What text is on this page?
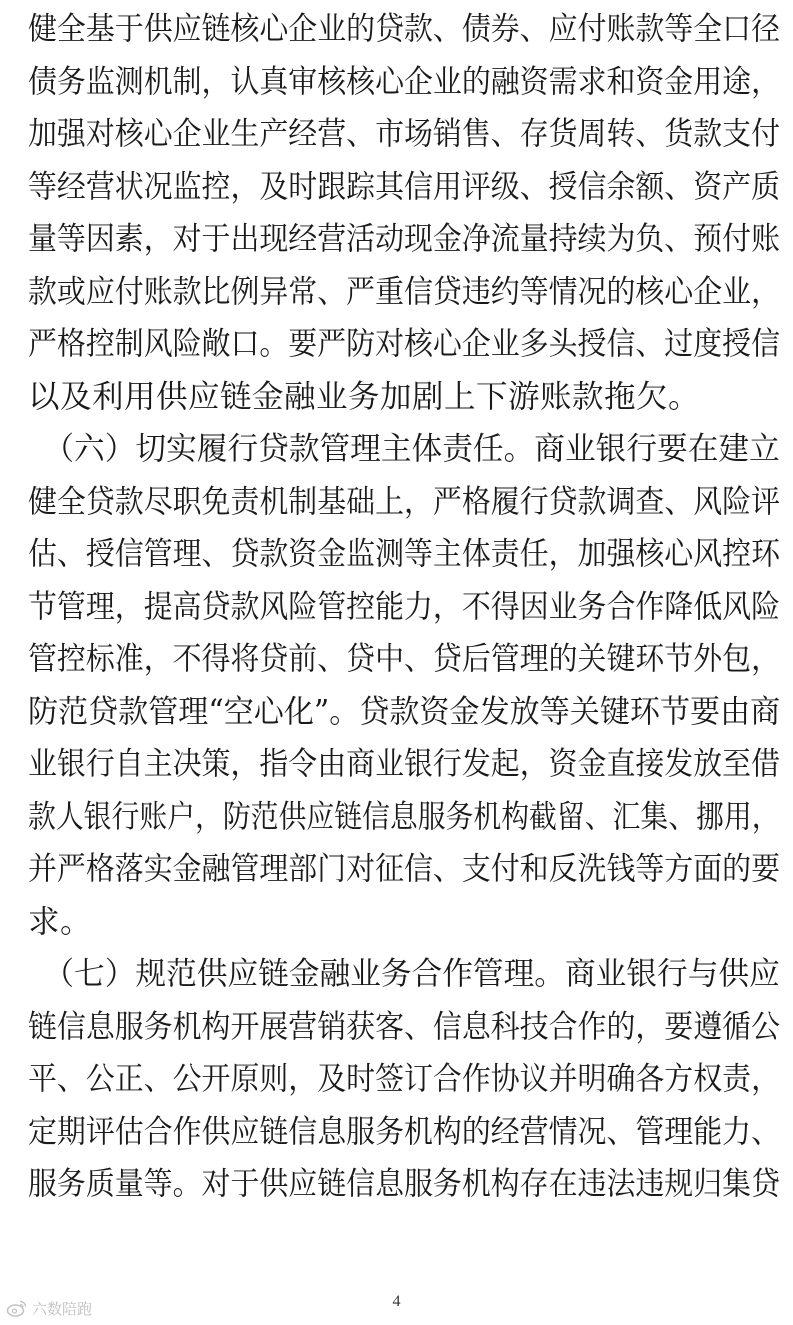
健全基于供应链核心企业的贷款、债券、应付账款等全口径
债务监测机制，认真审核核心企业的融资需求和资金用途，
加强对核心企业生产经营、市场销售、存货周转、货款支付
等经营状况监控，及时跟踪其信用评级、授信余额、资产质
量等因素，对于出现经营活动现金净流量持续为负、预付账
款或应付账款比例异常、严重信贷违约等情况的核心企业，
严格控制风险敞口。要严防对核心企业多头授信、过度授信
以及利用供应链金融业务加剧上下游账款拖欠。
　（六）切实履行贷款管理主体责任。商业银行要在建立
健全贷款尽职免责机制基础上，严格履行贷款调查、风险评
估、授信管理、贷款资金监测等主体责任，加强核心风控环
节管理，提高贷款风险管控能力，不得因业务合作降低风险
管控标准，不得将贷前、贷中、贷后管理的关键环节外包，
防范贷款管理“空心化”。贷款资金发放等关键环节要由商
业银行自主决策，指令由商业银行发起，资金直接发放至借
款人银行账户，防范供应链信息服务机构截留、汇集、挪用，
并严格落实金融管理部门对征信、支付和反洗钱等方面的要
求。
　（七）规范供应链金融业务合作管理。商业银行与供应
链信息服务机构开展营销获客、信息科技合作的，要遵循公
平、公正、公开原则，及时签订合作协议并明确各方权责，
定期评估合作供应链信息服务机构的经营情况、管理能力、
服务质量等。对于供应链信息服务机构存在违法违规归集贷
4
六数陪跑
